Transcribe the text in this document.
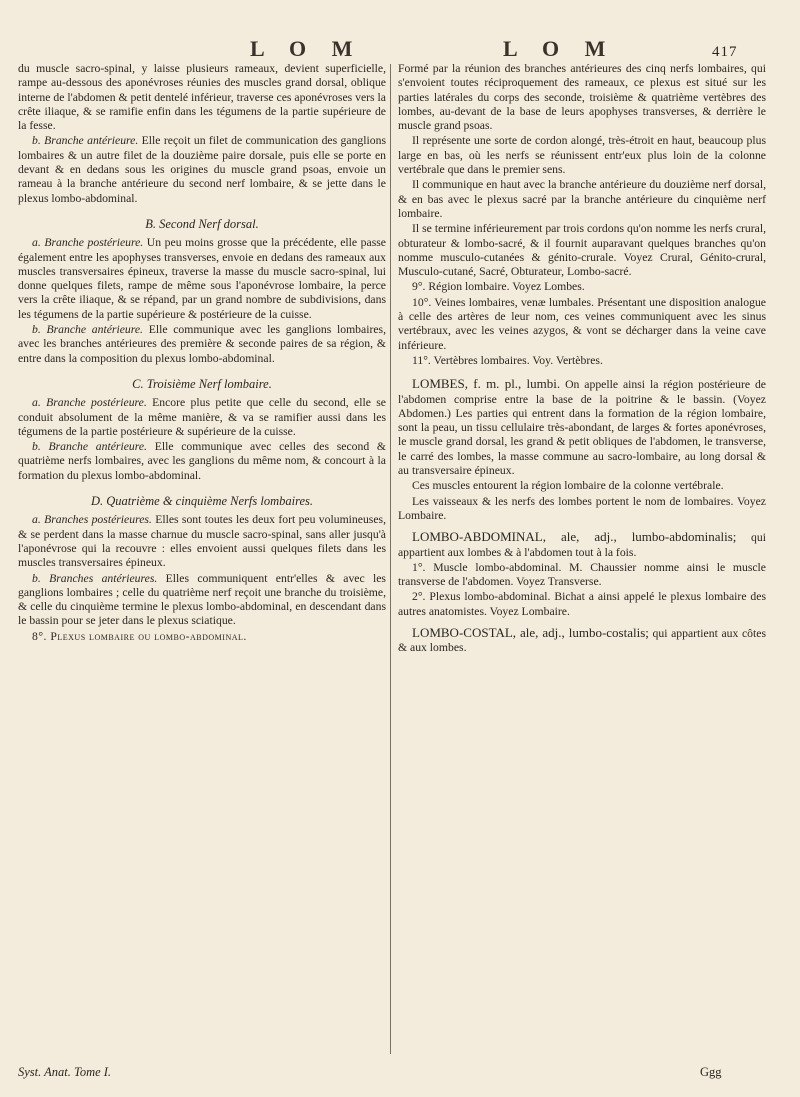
L O M	L O M	417

du muscle sacro-spinal, y laisse plusieurs rameaux, devient superficielle, rampe au-dessous des aponévroses réunies des muscles grand dorsal, oblique interne de l'abdomen & petit dentelé inférieur, traverse ces aponévroses vers la crête iliaque, & se ramifie enfin dans les tégumens de la partie supérieure de la fesse.

b. Branche antérieure. Elle reçoit un filet de communication des ganglions lombaires & un autre filet de la douzième paire dorsale, puis elle se porte en devant & en dedans sous les origines du muscle grand psoas, envoie un rameau à la branche antérieure du second nerf lombaire, & se jette dans le plexus lombo-abdominal.

B. Second Nerf dorsal.

a. Branche postérieure. Un peu moins grosse que la précédente, elle passe également entre les apophyses transverses, envoie en dedans des rameaux aux muscles transversaires épineux, traverse la masse du muscle sacro-spinal, lui donne quelques filets, rampe de même sous l'aponévrose lombaire, la perce vers la crête iliaque, & se répand, par un grand nombre de subdivisions, dans les tégumens de la partie supérieure & postérieure de la cuisse.

b. Branche antérieure. Elle communique avec les ganglions lombaires, avec les branches antérieures des première & seconde paires de sa région, & entre dans la composition du plexus lombo-abdominal.

C. Troisième Nerf lombaire.

a. Branche postérieure. Encore plus petite que celle du second, elle se conduit absolument de la même manière, & va se ramifier aussi dans les tégumens de la partie postérieure & supérieure de la cuisse.

b. Branche antérieure. Elle communique avec celles des second & quatrième nerfs lombaires, avec les ganglions du même nom, & concourt à la formation du plexus lombo-abdominal.

D. Quatrième & cinquième Nerfs lombaires.

a. Branches postérieures. Elles sont toutes les deux fort peu volumineuses, & se perdent dans la masse charnue du muscle sacro-spinal, sans aller jusqu'à l'aponévrose qui la recouvre : elles envoient aussi quelques filets dans les muscles transversaires épineux.

b. Branches antérieures. Elles communiquent entr'elles & avec les ganglions lombaires ; celle du quatrième nerf reçoit une branche du troisième, & celle du cinquième termine le plexus lombo-abdominal, en descendant dans le bassin pour se jeter dans le plexus sciatique.

8°. Plexus lombaire ou lombo-abdominal.

Formé par la réunion des branches antérieures des cinq nerfs lombaires, qui s'envoient toutes réciproquement des rameaux, ce plexus est situé sur les parties latérales du corps des seconde, troisième & quatrième vertèbres des lombes, au-devant de la base de leurs apophyses transverses, & derrière le muscle grand psoas.

Il représente une sorte de cordon alongé, très-étroit en haut, beaucoup plus large en bas, où les nerfs se réunissent entr'eux plus loin de la colonne vertébrale que dans le premier sens.

Il communique en haut avec la branche antérieure du douzième nerf dorsal, & en bas avec le plexus sacré par la branche antérieure du cinquième nerf lombaire.

Il se termine inférieurement par trois cordons qu'on nomme les nerfs crural, obturateur & lombo-sacré, & il fournit auparavant quelques branches qu'on nomme musculo-cutanées & génito-crurale. Voyez Crural, Génito-crural, Musculo-cutané, Sacré, Obturateur, Lombo-sacré.

9°. Région lombaire. Voyez Lombes.

10°. Veines lombaires, venæ lumbales. Présentant une disposition analogue à celle des artères de leur nom, ces veines communiquent avec les sinus vertébraux, avec les veines azygos, & vont se décharger dans la veine cave inférieure.

11°. Vertèbres lombaires. Voy. Vertèbres.

LOMBES, f. m. pl., lumbi. On appelle ainsi la région postérieure de l'abdomen comprise entre la base de la poitrine & le bassin. (Voyez Abdomen.) Les parties qui entrent dans la formation de la région lombaire, sont la peau, un tissu cellulaire très-abondant, de larges & fortes aponévroses, le muscle grand dorsal, les grand & petit obliques de l'abdomen, le transverse, le carré des lombes, la masse commune au sacro-lombaire, au long dorsal & au transversaire épineux.

Ces muscles entourent la région lombaire de la colonne vertébrale.

Les vaisseaux & les nerfs des lombes portent le nom de lombaires. Voyez Lombaire.

LOMBO-ABDOMINAL, ale, adj., lumbo-abdominalis; qui appartient aux lombes & à l'abdomen tout à la fois.

1°. Muscle lombo-abdominal. M. Chaussier nomme ainsi le muscle transverse de l'abdomen. Voyez Transverse.

2°. Plexus lombo-abdominal. Bichat a ainsi appelé le plexus lombaire des autres anatomistes. Voyez Lombaire.

LOMBO-COSTAL, ale, adj., lumbo-costalis; qui appartient aux côtes & aux lombes.

Syst. Anat. Tome I.	Ggg
